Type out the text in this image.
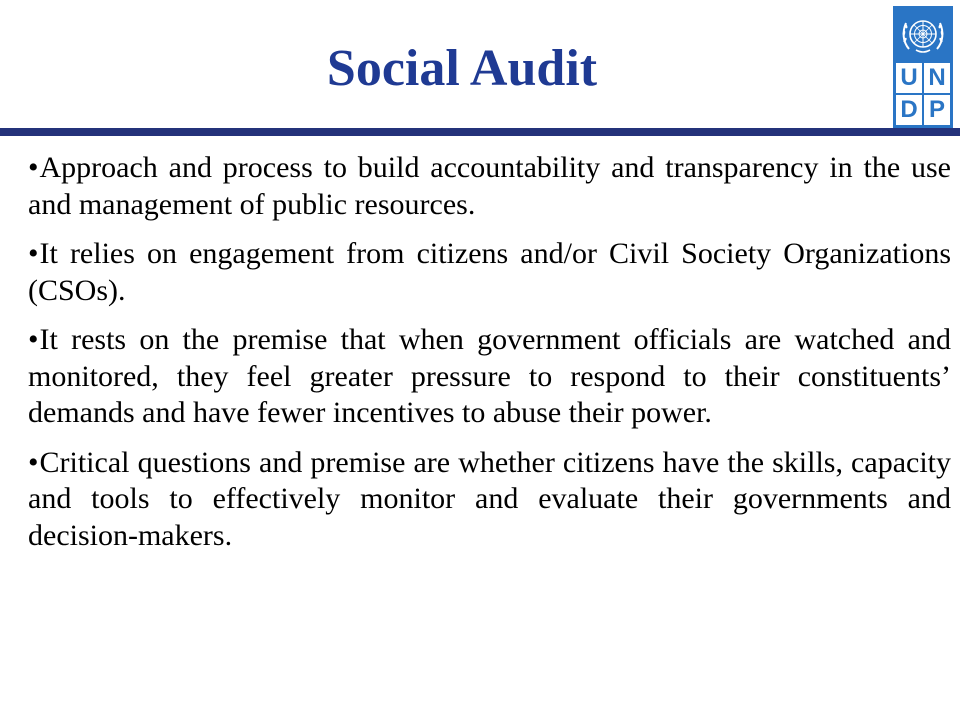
Social Audit	U N
D P

•Approach and process to build accountability and transparency in the use and management of public resources.

•It relies on engagement from citizens and/or Civil Society Organizations (CSOs).

•It rests on the premise that when government officials are watched and monitored, they feel greater pressure to respond to their constituents’ demands and have fewer incentives to abuse their power.

•Critical questions and premise are whether citizens have the skills, capacity and tools to effectively monitor and evaluate their governments and decision-makers.
